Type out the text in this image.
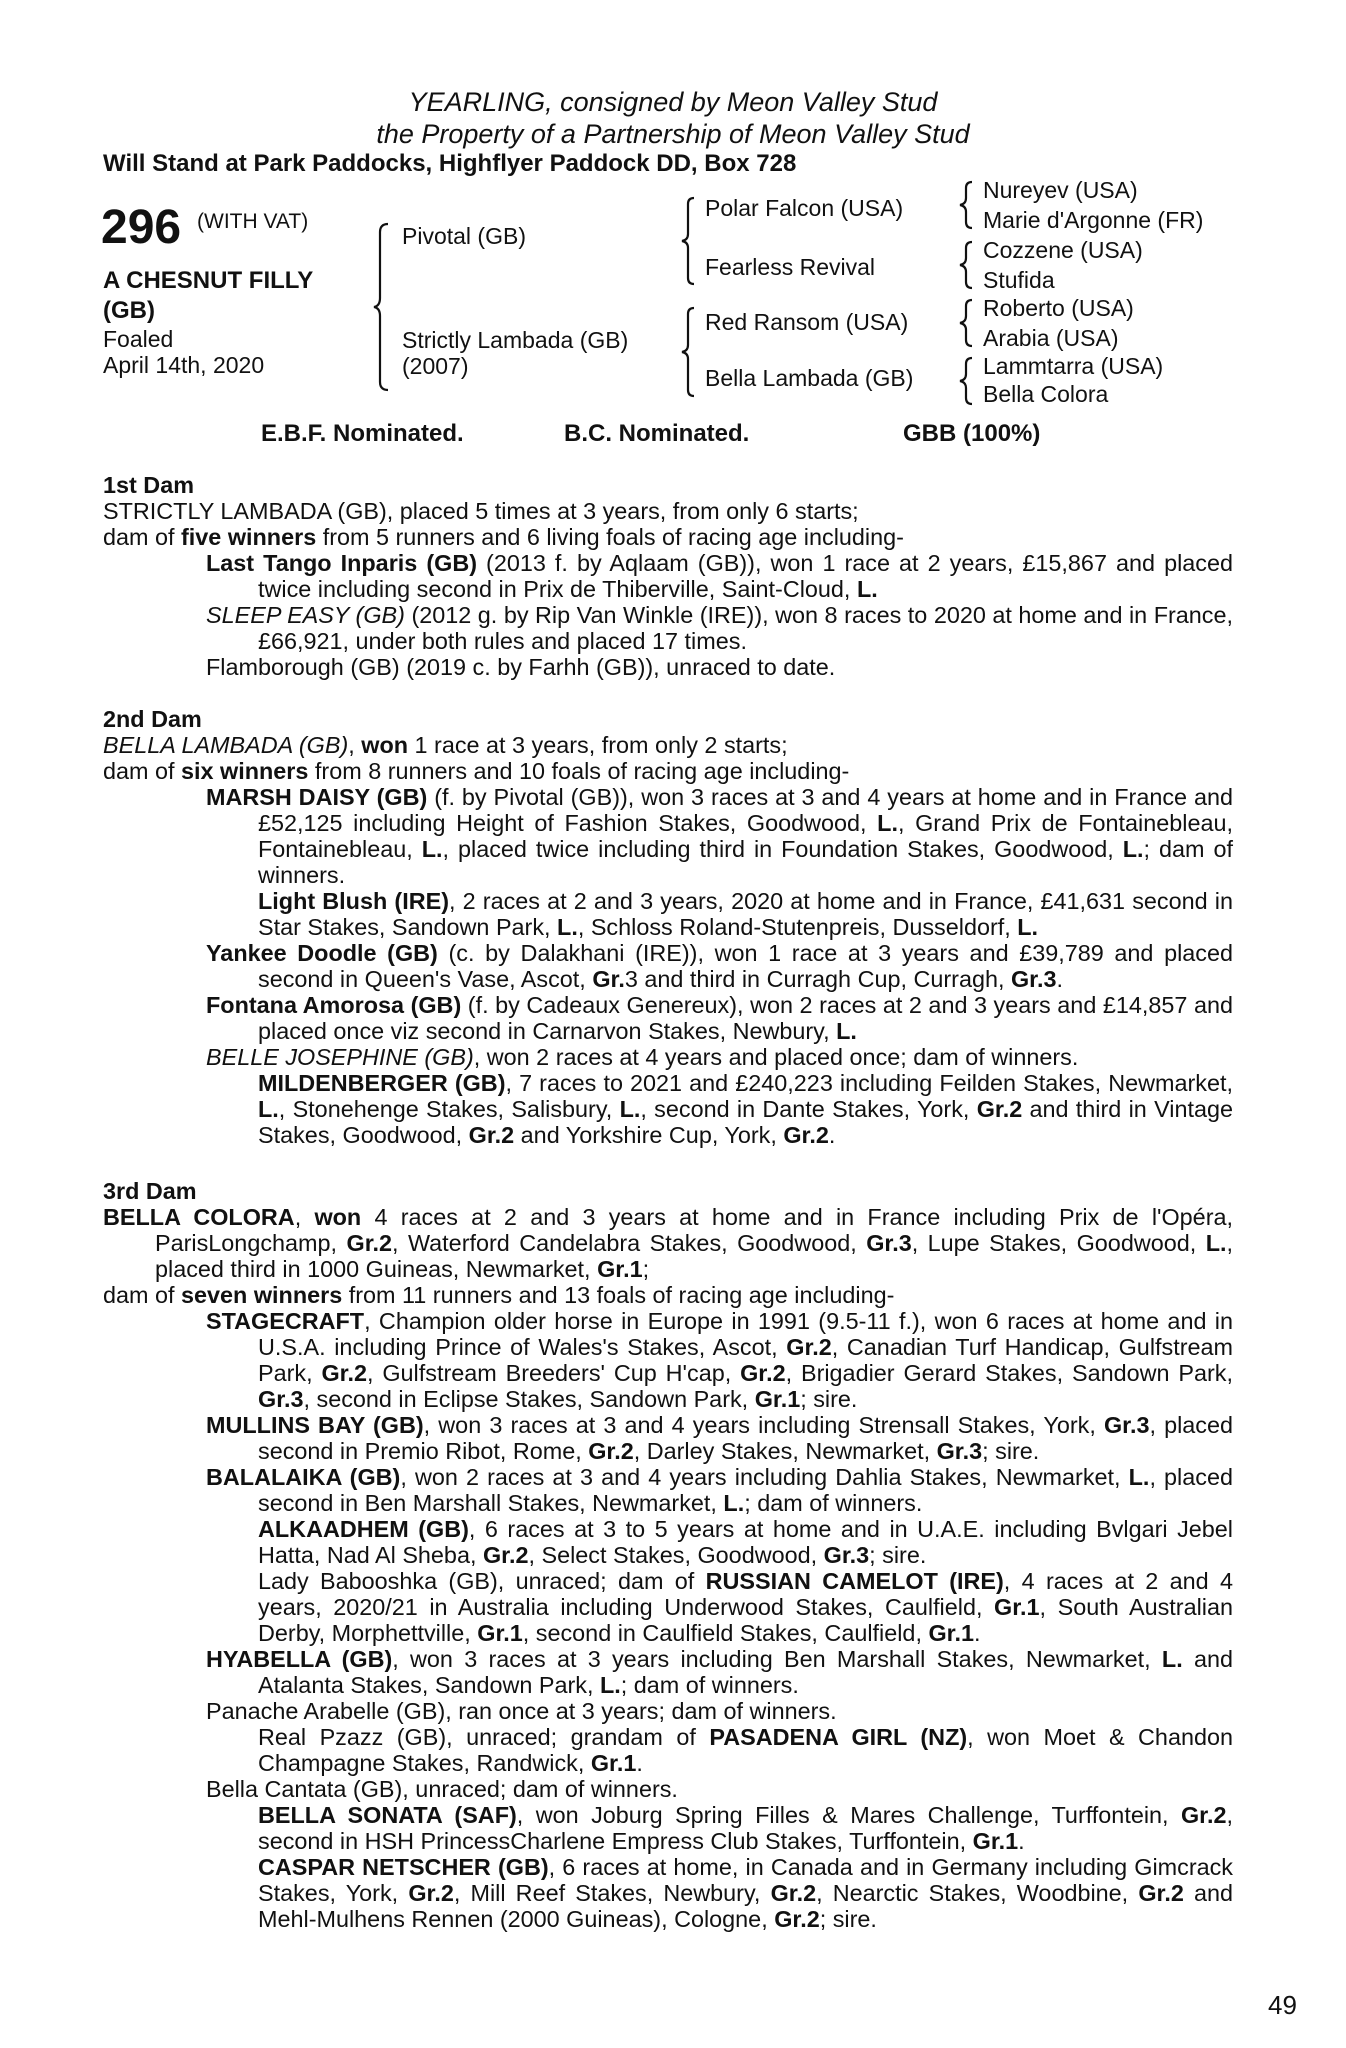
YEARLING, consigned by Meon Valley Stud
the Property of a Partnership of Meon Valley Stud
Will Stand at Park Paddocks, Highflyer Paddock DD, Box 728
296 (WITH VAT)
A CHESNUT FILLY
(GB)
Foaled
April 14th, 2020
Pivotal (GB)
Strictly Lambada (GB)
(2007)
Polar Falcon (USA)
Fearless Revival
Red Ransom (USA)
Bella Lambada (GB)
Nureyev (USA)
Marie d'Argonne (FR)
Cozzene (USA)
Stufida
Roberto (USA)
Arabia (USA)
Lammtarra (USA)
Bella Colora
E.B.F. Nominated.	B.C. Nominated.	GBB (100%)
1st Dam

STRICTLY LAMBADA (GB), placed 5 times at 3 years, from only 6 starts;

dam of five winners from 5 runners and 6 living foals of racing age including-

Last Tango Inparis (GB) (2013 f. by Aqlaam (GB)), won 1 race at 2 years, £15,867 and placed twice including second in Prix de Thiberville, Saint-Cloud, L.

SLEEP EASY (GB) (2012 g. by Rip Van Winkle (IRE)), won 8 races to 2020 at home and in France, £66,921, under both rules and placed 17 times.

Flamborough (GB) (2019 c. by Farhh (GB)), unraced to date.

2nd Dam

BELLA LAMBADA (GB), won 1 race at 3 years, from only 2 starts;

dam of six winners from 8 runners and 10 foals of racing age including-

MARSH DAISY (GB) (f. by Pivotal (GB)), won 3 races at 3 and 4 years at home and in France and £52,125 including Height of Fashion Stakes, Goodwood, L., Grand Prix de Fontainebleau, Fontainebleau, L., placed twice including third in Foundation Stakes, Goodwood, L.; dam of winners.

Light Blush (IRE), 2 races at 2 and 3 years, 2020 at home and in France, £41,631 second in Star Stakes, Sandown Park, L., Schloss Roland-Stutenpreis, Dusseldorf, L.

Yankee Doodle (GB) (c. by Dalakhani (IRE)), won 1 race at 3 years and £39,789 and placed second in Queen's Vase, Ascot, Gr.3 and third in Curragh Cup, Curragh, Gr.3.

Fontana Amorosa (GB) (f. by Cadeaux Genereux), won 2 races at 2 and 3 years and £14,857 and placed once viz second in Carnarvon Stakes, Newbury, L.

BELLE JOSEPHINE (GB), won 2 races at 4 years and placed once; dam of winners.

MILDENBERGER (GB), 7 races to 2021 and £240,223 including Feilden Stakes, Newmarket, L., Stonehenge Stakes, Salisbury, L., second in Dante Stakes, York, Gr.2 and third in Vintage Stakes, Goodwood, Gr.2 and Yorkshire Cup, York, Gr.2.

3rd Dam

BELLA COLORA, won 4 races at 2 and 3 years at home and in France including Prix de l'Opéra, ParisLongchamp, Gr.2, Waterford Candelabra Stakes, Goodwood, Gr.3, Lupe Stakes, Goodwood, L., placed third in 1000 Guineas, Newmarket, Gr.1;

dam of seven winners from 11 runners and 13 foals of racing age including-

STAGECRAFT, Champion older horse in Europe in 1991 (9.5-11 f.), won 6 races at home and in U.S.A. including Prince of Wales's Stakes, Ascot, Gr.2, Canadian Turf Handicap, Gulfstream Park, Gr.2, Gulfstream Breeders' Cup H'cap, Gr.2, Brigadier Gerard Stakes, Sandown Park, Gr.3, second in Eclipse Stakes, Sandown Park, Gr.1; sire.

MULLINS BAY (GB), won 3 races at 3 and 4 years including Strensall Stakes, York, Gr.3, placed second in Premio Ribot, Rome, Gr.2, Darley Stakes, Newmarket, Gr.3; sire.

BALALAIKA (GB), won 2 races at 3 and 4 years including Dahlia Stakes, Newmarket, L., placed second in Ben Marshall Stakes, Newmarket, L.; dam of winners.

ALKAADHEM (GB), 6 races at 3 to 5 years at home and in U.A.E. including Bvlgari Jebel Hatta, Nad Al Sheba, Gr.2, Select Stakes, Goodwood, Gr.3; sire.

Lady Babooshka (GB), unraced; dam of RUSSIAN CAMELOT (IRE), 4 races at 2 and 4 years, 2020/21 in Australia including Underwood Stakes, Caulfield, Gr.1, South Australian Derby, Morphettville, Gr.1, second in Caulfield Stakes, Caulfield, Gr.1.

HYABELLA (GB), won 3 races at 3 years including Ben Marshall Stakes, Newmarket, L. and Atalanta Stakes, Sandown Park, L.; dam of winners.

Panache Arabelle (GB), ran once at 3 years; dam of winners.

Real Pzazz (GB), unraced; grandam of PASADENA GIRL (NZ), won Moet & Chandon Champagne Stakes, Randwick, Gr.1.

Bella Cantata (GB), unraced; dam of winners.

BELLA SONATA (SAF), won Joburg Spring Filles & Mares Challenge, Turffontein, Gr.2, second in HSH PrincessCharlene Empress Club Stakes, Turffontein, Gr.1.

CASPAR NETSCHER (GB), 6 races at home, in Canada and in Germany including Gimcrack Stakes, York, Gr.2, Mill Reef Stakes, Newbury, Gr.2, Nearctic Stakes, Woodbine, Gr.2 and Mehl-Mulhens Rennen (2000 Guineas), Cologne, Gr.2; sire.

49
